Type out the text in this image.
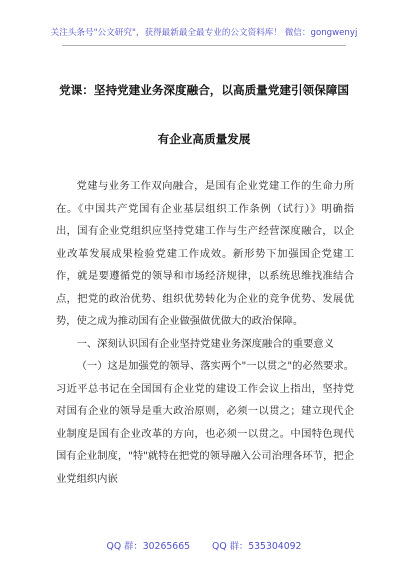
关注头条号"公文研究"，获得最新最全最专业的公文资料库！ 微信：gongwenyj
党课：坚持党建业务深度融合，以高质量党建引领保障国
有企业高质量发展

党建与业务工作双向融合，是国有企业党建工作的生命力所在。《中国共产党国有企业基层组织工作条例（试行）》明确指出，国有企业党组织应坚持党建工作与生产经营深度融合，以企业改革发展成果检验党建工作成效。新形势下加强国企党建工作，就是要遵循党的领导和市场经济规律，以系统思维找准结合点，把党的政治优势、组织优势转化为企业的竞争优势、发展优势，使之成为推动国有企业做强做优做大的政治保障。

一、深刻认识国有企业坚持党建业务深度融合的重要意义

（一）这是加强党的领导、落实两个"一以贯之"的必然要求。习近平总书记在全国国有企业党的建设工作会议上指出，坚持党对国有企业的领导是重大政治原则，必须一以贯之；建立现代企业制度是国有企业改革的方向，也必须一以贯之。中国特色现代国有企业制度，"特"就特在把党的领导融入公司治理各环节，把企业党组织内嵌

QQ 群：30265665 QQ 群：535304092
